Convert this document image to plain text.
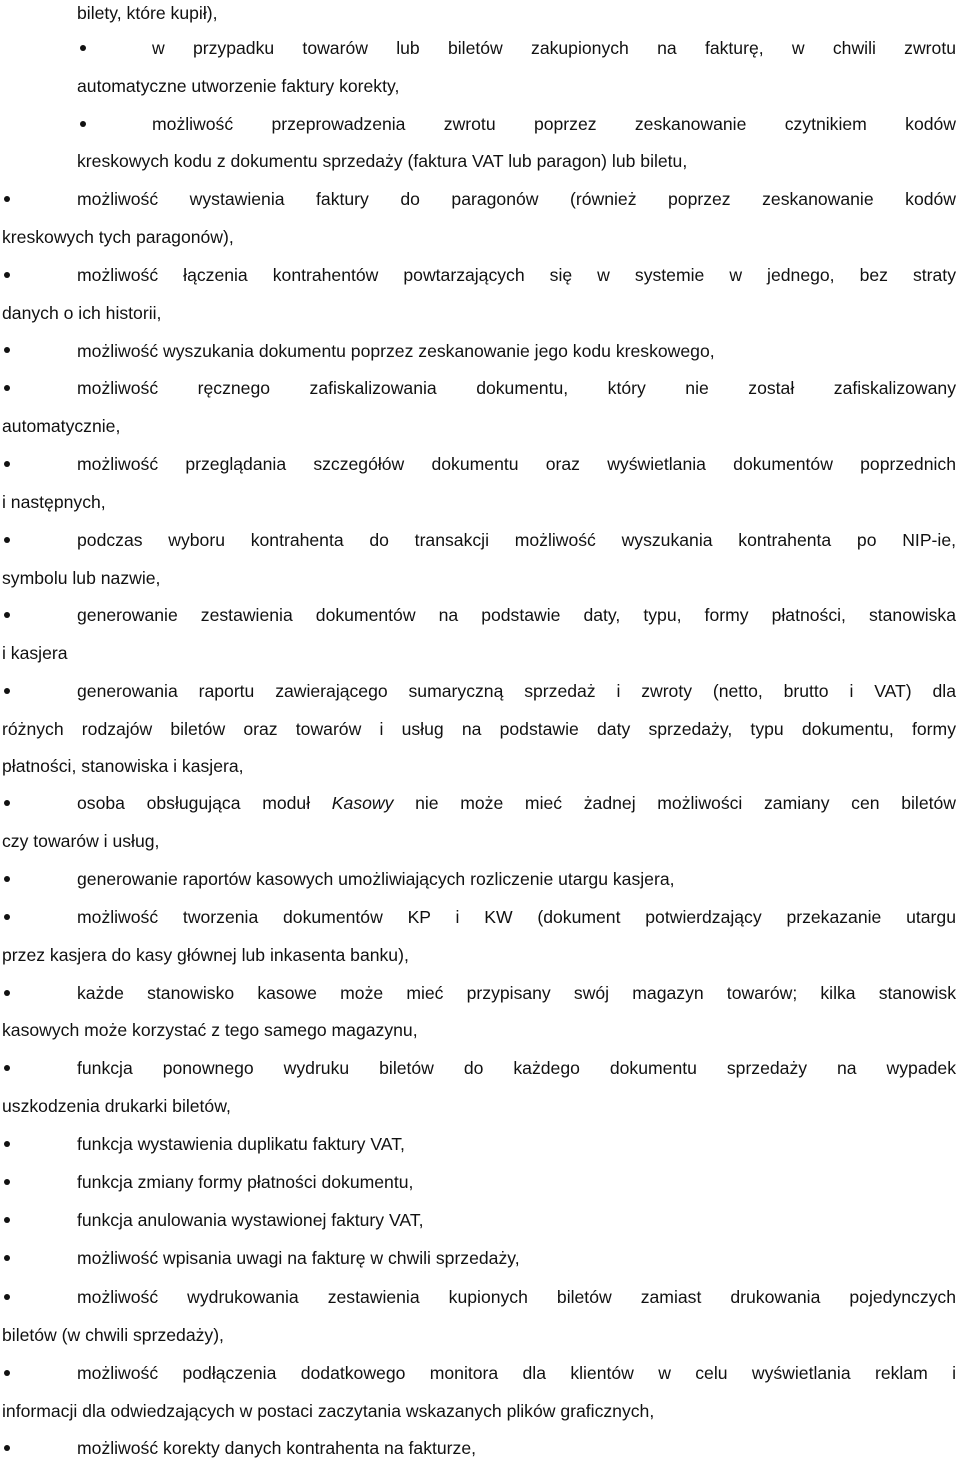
bilety, które kupił),
w przypadku towarów lub biletów zakupionych na fakturę, w chwili zwrotu
automatyczne utworzenie faktury korekty,
możliwość przeprowadzenia zwrotu poprzez zeskanowanie czytnikiem kodów
kreskowych kodu z dokumentu sprzedaży (faktura VAT lub paragon) lub biletu,
możliwość wystawienia faktury do paragonów (również poprzez zeskanowanie kodów
kreskowych tych paragonów),
możliwość łączenia kontrahentów powtarzających się w systemie w jednego, bez straty
danych o ich historii,
możliwość wyszukania dokumentu poprzez zeskanowanie jego kodu kreskowego,
możliwość ręcznego zafiskalizowania dokumentu, który nie został zafiskalizowany
automatycznie,
możliwość przeglądania szczegółów dokumentu oraz wyświetlania dokumentów poprzednich
i następnych,
podczas wyboru kontrahenta do transakcji możliwość wyszukania kontrahenta po NIP-ie,
symbolu lub nazwie,
generowanie zestawienia dokumentów na podstawie daty, typu, formy płatności, stanowiska
i kasjera
generowania raportu zawierającego sumaryczną sprzedaż i zwroty (netto, brutto i VAT) dla
różnych rodzajów biletów oraz towarów i usług na podstawie daty sprzedaży, typu dokumentu, formy
płatności, stanowiska i kasjera,
osoba obsługująca moduł Kasowy nie może mieć żadnej możliwości zamiany cen biletów
czy towarów i usług,
generowanie raportów kasowych umożliwiających rozliczenie utargu kasjera,
możliwość tworzenia dokumentów KP i KW (dokument potwierdzający przekazanie utargu
przez kasjera do kasy głównej lub inkasenta banku),
każde stanowisko kasowe może mieć przypisany swój magazyn towarów; kilka stanowisk
kasowych może korzystać z tego samego magazynu,
funkcja ponownego wydruku biletów do każdego dokumentu sprzedaży na wypadek
uszkodzenia drukarki biletów,
funkcja wystawienia duplikatu faktury VAT,
funkcja zmiany formy płatności dokumentu,
funkcja anulowania wystawionej faktury VAT,
możliwość wpisania uwagi na fakturę w chwili sprzedaży,
możliwość wydrukowania zestawienia kupionych biletów zamiast drukowania pojedynczych
biletów (w chwili sprzedaży),
możliwość podłączenia dodatkowego monitora dla klientów w celu wyświetlania reklam i
informacji dla odwiedzających w postaci zaczytania wskazanych plików graficznych,
możliwość korekty danych kontrahenta na fakturze,
